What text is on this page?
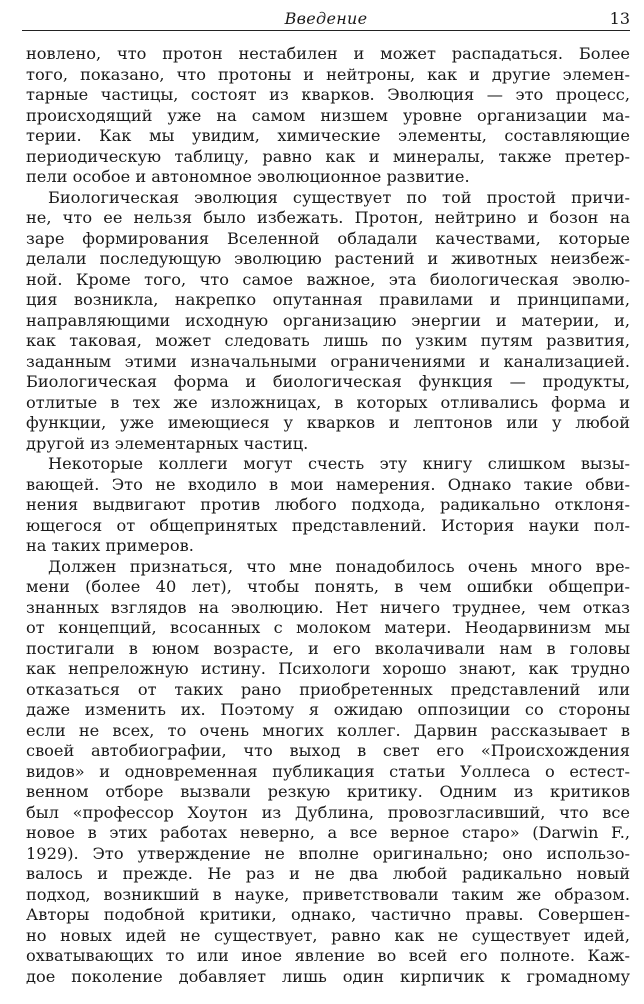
Введение	13
новлено, что протон нестабилен и может распадаться. Более
того, показано, что протоны и нейтроны, как и другие элемен-
тарные частицы, состоят из кварков. Эволюция — это процесс,
происходящий уже на самом низшем уровне организации ма-
терии. Как мы увидим, химические элементы, составляющие
периодическую таблицу, равно как и минералы, также претер-
пели особое и автономное эволюционное развитие.
Биологическая эволюция существует по той простой причи-
не, что ее нельзя было избежать. Протон, нейтрино и бозон на
заре формирования Вселенной обладали качествами, которые
делали последующую эволюцию растений и животных неизбеж-
ной. Кроме того, что самое важное, эта биологическая эволю-
ция возникла, накрепко опутанная правилами и принципами,
направляющими исходную организацию энергии и материи, и,
как таковая, может следовать лишь по узким путям развития,
заданным этими изначальными ограничениями и канализацией.
Биологическая форма и биологическая функция — продукты,
отлитые в тех же изложницах, в которых отливались форма и
функции, уже имеющиеся у кварков и лептонов или у любой
другой из элементарных частиц.
Некоторые коллеги могут счесть эту книгу слишком вызы-
вающей. Это не входило в мои намерения. Однако такие обви-
нения выдвигают против любого подхода, радикально отклоня-
ющегося от общепринятых представлений. История науки пол-
на таких примеров.
Должен признаться, что мне понадобилось очень много вре-
мени (более 40 лет), чтобы понять, в чем ошибки общепри-
знанных взглядов на эволюцию. Нет ничего труднее, чем отказ
от концепций, всосанных с молоком матери. Неодарвинизм мы
постигали в юном возрасте, и его вколачивали нам в головы
как непреложную истину. Психологи хорошо знают, как трудно
отказаться от таких рано приобретенных представлений или
даже изменить их. Поэтому я ожидаю оппозиции со стороны
если не всех, то очень многих коллег. Дарвин рассказывает в
своей автобиографии, что выход в свет его «Происхождения
видов» и одновременная публикация статьи Уоллеса о естест-
венном отборе вызвали резкую критику. Одним из критиков
был «профессор Хоутон из Дублина, провозгласивший, что все
новое в этих работах неверно, а все верное старо» (Darwin F.,
1929). Это утверждение не вполне оригинально; оно использо-
валось и прежде. Не раз и не два любой радикально новый
подход, возникший в науке, приветствовали таким же образом.
Авторы подобной критики, однако, частично правы. Совершен-
но новых идей не существует, равно как не существует идей,
охватывающих то или иное явление во всей его полноте. Каж-
дое поколение добавляет лишь один кирпичик к громадному
